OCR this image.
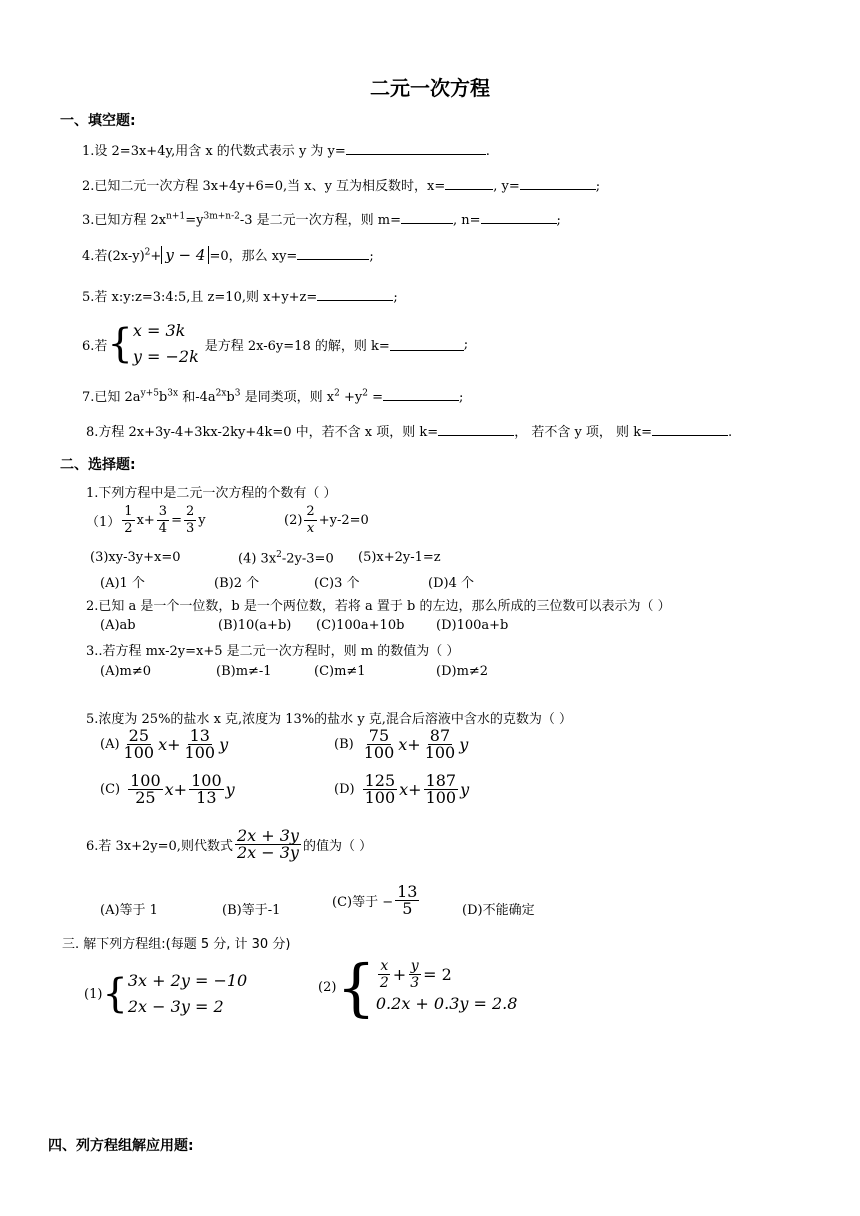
二元一次方程
一、填空题:
1.设 2=3x+4y,用含 x 的代数式表示 y 为 y=	.
2.已知二元一次方程 3x+4y+6=0,当 x、y 互为相反数时，x=	, y=	;
3.已知方程 $2x^{n+1}=y^{3m+n-2}-3$ 是二元一次方程，则 m=	, n=	;
4.若$(2x-y)^2+ y - 4 =0$，那么 xy=	;
5.若 x:y:z=3:4:5,且 z=10,则 x+y+z=	;
6.若 { x = 3k
y = −2k
是方程 2x-6y=18 的解，则 k=	;
7.已知 $2a^{y+5}b^{3x}$ 和$-4a^{2x}b^3$ 是同类项，则 $x^2 +y^2$ =	;
8.方程 2x+3y-4+3kx-2ky+4k=0 中，若不含 x 项，则 k=	， 若不含 y 项， 则 k=	.
二、选择题:
1.下列方程中是二元一次方程的个数有（ ）
$(1) \frac{1}{2} x+ \frac{3}{4} = \frac{2}{3}$ y	$(2) \frac{2}{x} +y-2=0$
(3)xy-3y+x=0	(4) $3x^2-2y-3=0$ (5)x+2y-1=z
(A)1 个	(B)2 个	(C)3 个	(D)4 个
2.已知 a 是一个一位数，b 是一个两位数，若将 a 置于 b 的左边，那么所成的三位数可以表示为（ ）
(A)ab	(B)10(a+b) (C)100a+10b (D)100a+b
3..若方程 mx-2y=x+5 是二元一次方程时，则 m 的数值为（ ）
(A)m≠0	(B)m≠-1	(C)m≠1	(D)m≠2
5.浓度为 25%的盐水 x 克,浓度为 13%的盐水 y 克,混合后溶液中含水的克数为（ ）
$(A) \frac{25}{100}$ $x + \frac{13}{100}$ y	$(B) \frac{75}{100}$ $x + \frac{87}{100}$ y
$(C) \frac{100}{25}$ $x + \frac{100}{13}$ y	$(D) \frac{125}{100}$ $x + \frac{187}{100}$ y
6.若 3x+2y=0,则代数式 $\frac{2x + 3y}{2x - 3y}$ 的值为（ ）
(A)等于 1	(B)等于-1
(C)等于 − $\frac{13}{5}$	(D)不能确定
三. 解下列方程组:(每题 5 分, 计 30 分)
(1) { 3x + 2y = −10
2x − 3y = 2
(2) { $\frac{x}{2} + \frac{y}{3} = 2$
0.2x + 0.3y = 2.8
四、列方程组解应用题:
